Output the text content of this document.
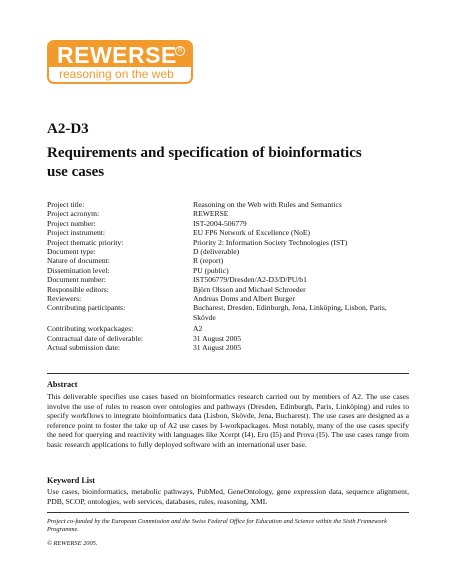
REWERSE R
reasoning on the web
A2-D3
Requirements and specification of bioinformatics use cases
Project title:	Reasoning on the Web with Rules and Semantics
Project acronym:	REWERSE
Project number:	IST-2004-506779
Project instrument:	EU FP6 Network of Excellence (NoE)
Project thematic priority:	Priority 2: Information Society Technologies (IST)
Document type:	D (deliverable)
Nature of document:	R (report)
Dissemination level:	PU (public)
Document number:	IST506779/Dresden/A2-D3/D/PU/b1
Responsible editors:	Björn Olsson and Michael Schroeder
Reviewers:	Andreas Doms and Albert Burger
Contributing participants:	Bucharest, Dresden, Edinburgh, Jena, Linköping, Lisbon, Paris, Skövde
Contributing workpackages:	A2
Contractual date of deliverable:	31 August 2005
Actual submission date:	31 August 2005
Abstract
This deliverable specifies use cases based on bioinformatics research carried out by members of A2. The use cases involve the use of rules to reason over ontologies and pathways (Dresden, Edinburgh, Paris, Linköping) and rules to specify workflows to integrate bioinformatics data (Lisbon, Skövde, Jena, Bucharest). The use cases are designed as a reference point to foster the take up of A2 use cases by I-workpackages. Most notably, many of the use cases specify the need for querying and reactivity with languages like Xcerpt (I4), Eru (I5) and Prova (I5). The use cases range from basic research applications to fully deployed software with an international user base.
Keyword List
Use cases, bioinformatics, metabolic pathways, PubMed, GeneOntology, gene expression data, sequence alignment, PDB, SCOP, ontologies, web services, databases, rules, reasoning, XML
Project co-funded by the European Commission and the Swiss Federal Office for Education and Science within the Sixth Framework Programme.
© REWERSE 2005.
